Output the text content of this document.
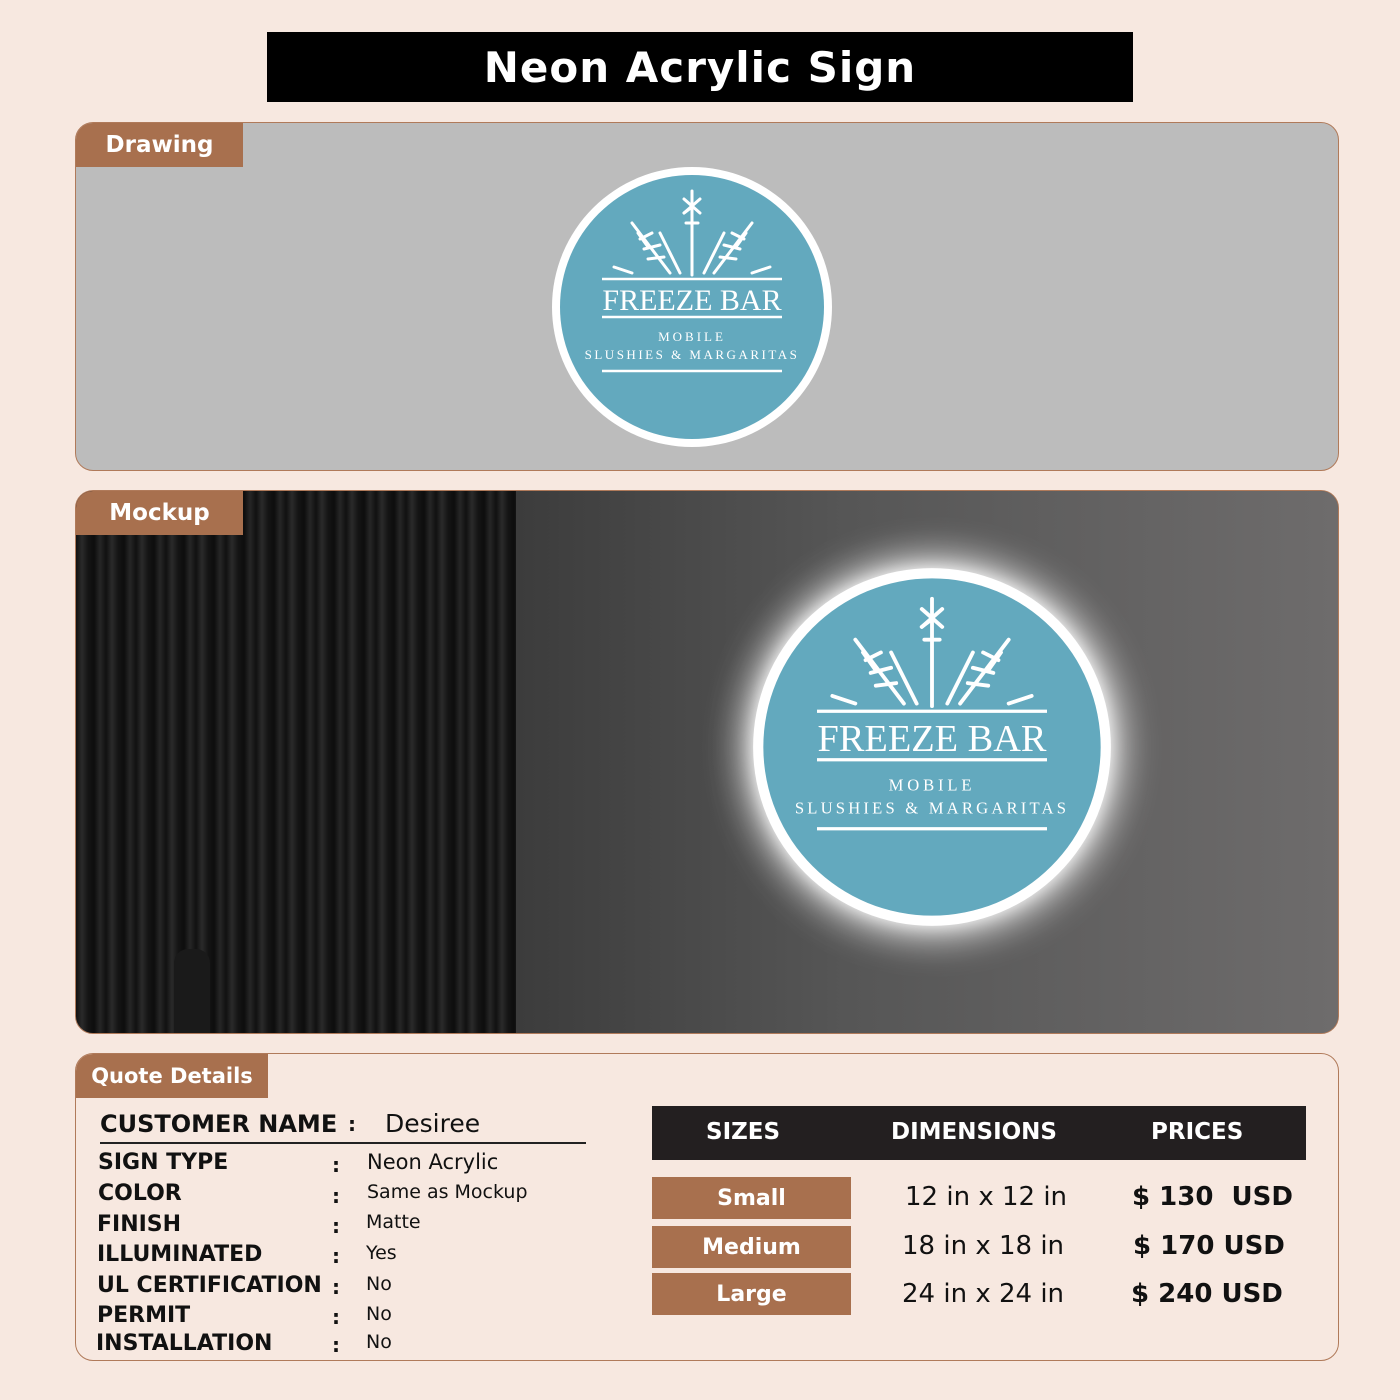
Neon Acrylic Sign
Drawing
FREEZE BAR
MOBILE
SLUSHIES & MARGARITAS
Mockup
FREEZE BAR
MOBILE
SLUSHIES & MARGARITAS
Quote Details
CUSTOMER NAME : Desiree
SIGN TYPE	: Neon Acrylic
COLOR	: Same as Mockup
FINISH	: Matte
ILLUMINATED	: Yes
UL CERTIFICATION : No
PERMIT	: No
INSTALLATION	: No
SIZES	DIMENSIONS	PRICES
Small	12 in x 12 in $ 130  USD
Medium	18 in x 18 in	$ 170 USD
Large	24 in x 24 in	$ 240 USD
